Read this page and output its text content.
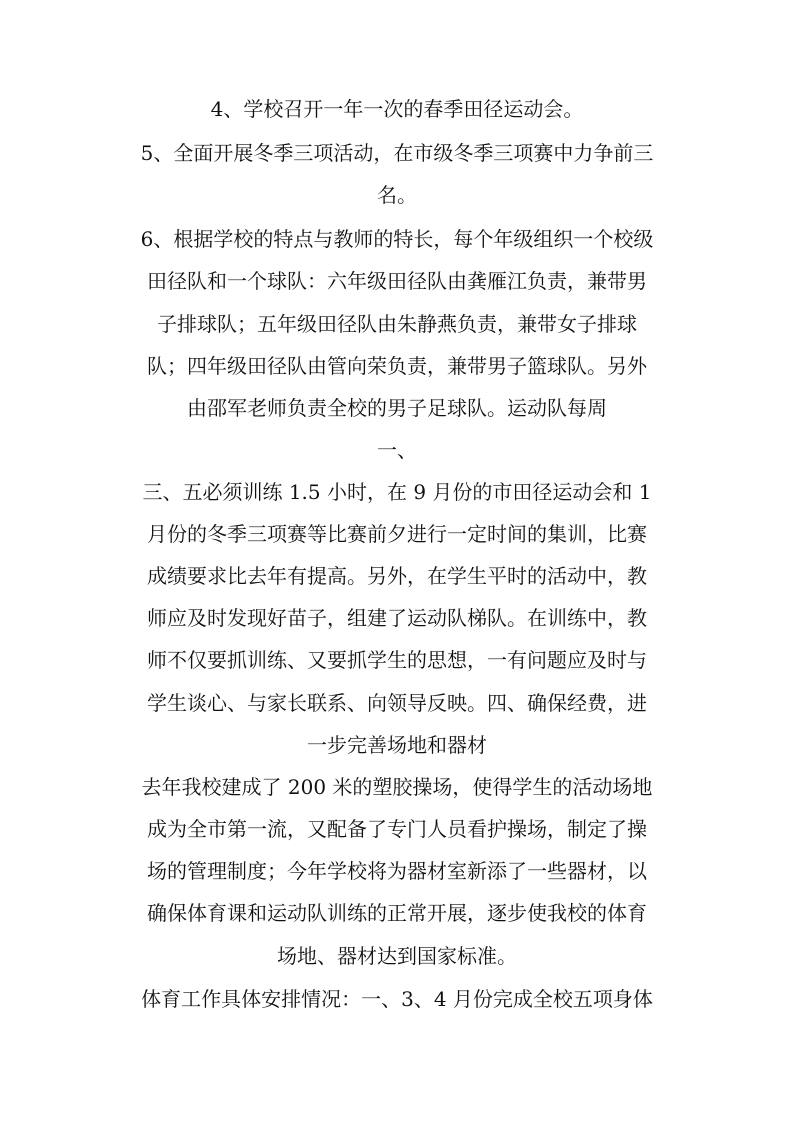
4、学校召开一年一次的春季田径运动会。
5、全面开展冬季三项活动，在市级冬季三项赛中力争前三
名。
6、根据学校的特点与教师的特长，每个年级组织一个校级
田径队和一个球队：六年级田径队由龚雁江负责，兼带男
子排球队；五年级田径队由朱静燕负责，兼带女子排球
队；四年级田径队由管向荣负责，兼带男子篮球队。另外
由邵军老师负责全校的男子足球队。运动队每周
一、
三、五必须训练 1.5 小时，在 9 月份的市田径运动会和 1
月份的冬季三项赛等比赛前夕进行一定时间的集训，比赛
成绩要求比去年有提高。另外，在学生平时的活动中，教
师应及时发现好苗子，组建了运动队梯队。在训练中，教
师不仅要抓训练、又要抓学生的思想，一有问题应及时与
学生谈心、与家长联系、向领导反映。四、确保经费，进
一步完善场地和器材
去年我校建成了 200 米的塑胶操场，使得学生的活动场地
成为全市第一流，又配备了专门人员看护操场，制定了操
场的管理制度；今年学校将为器材室新添了一些器材，以
确保体育课和运动队训练的正常开展，逐步使我校的体育
场地、器材达到国家标准。
体育工作具体安排情况：一、3、4 月份完成全校五项身体
